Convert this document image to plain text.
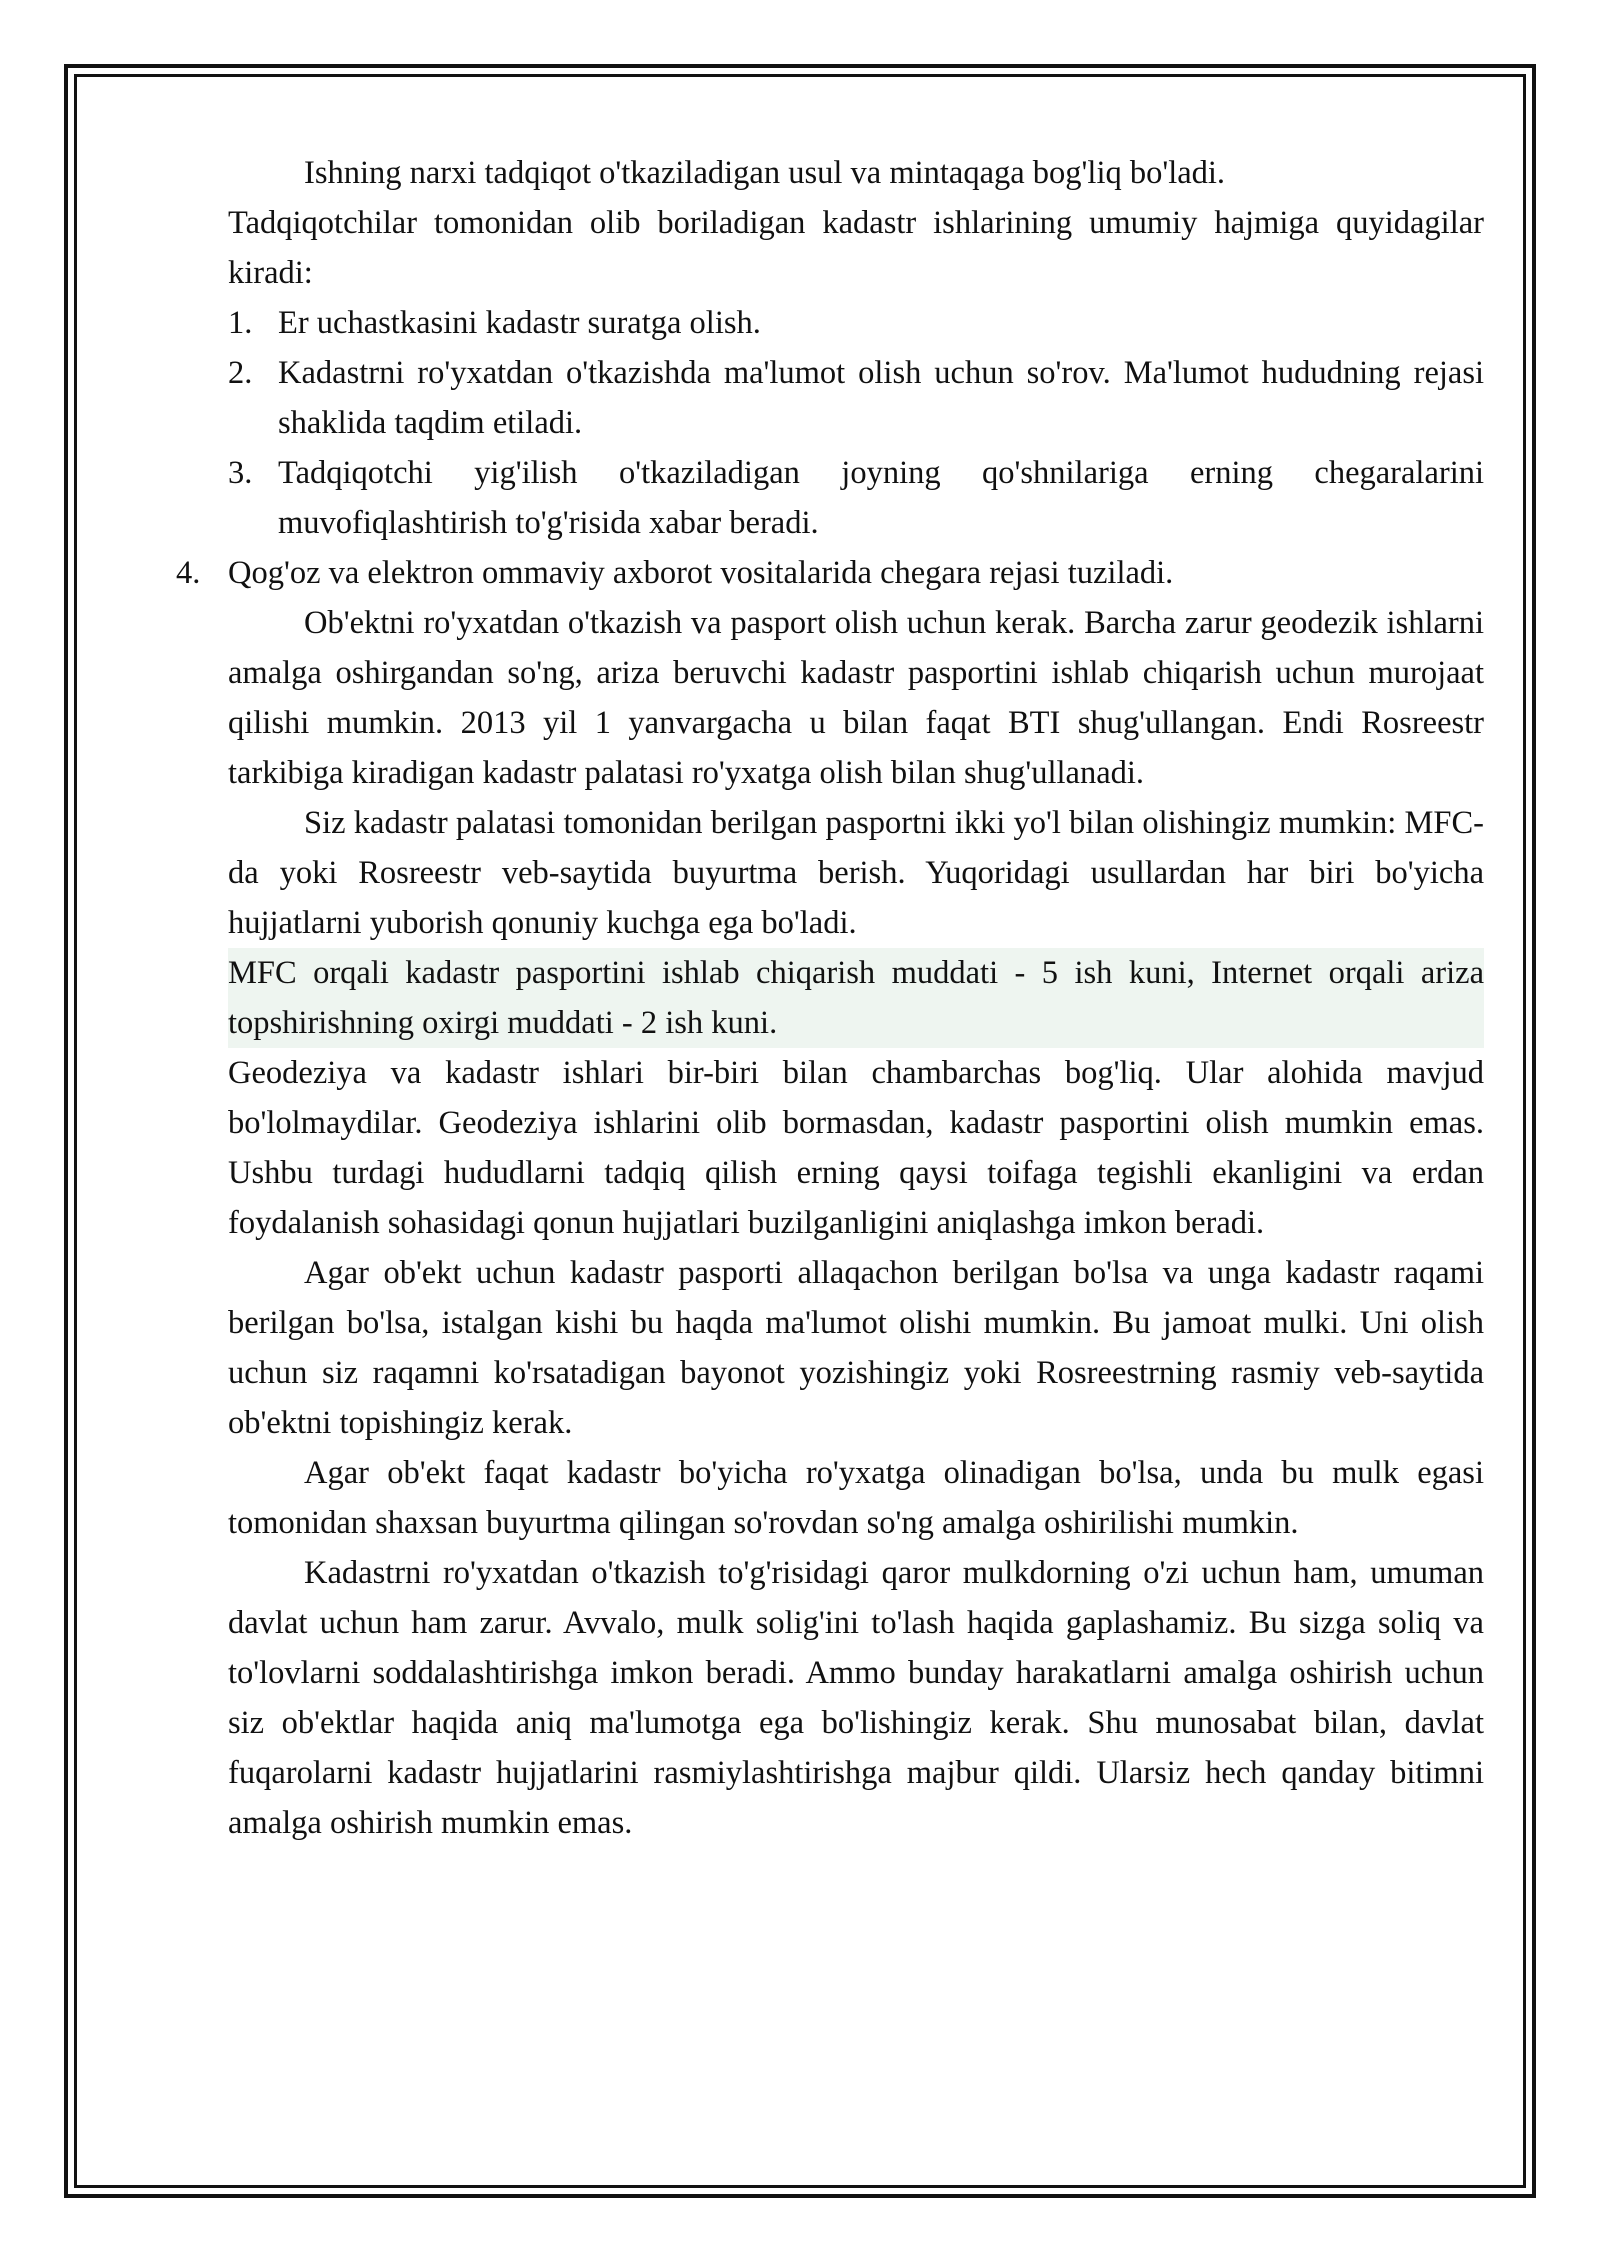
Ishning narxi tadqiqot o'tkaziladigan usul va mintaqaga bog'liq bo'ladi.

Tadqiqotchilar tomonidan olib boriladigan kadastr ishlarining umumiy hajmiga quyidagilar kiradi:

1. Er uchastkasini kadastr suratga olish.
2. Kadastrni ro'yxatdan o'tkazishda ma'lumot olish uchun so'rov. Ma'lumot hududning rejasi shaklida taqdim etiladi.
3. Tadqiqotchi yig'ilish o'tkaziladigan joyning qo'shnilariga erning chegaralarini muvofiqlashtirish to'g'risida xabar beradi.
4. Qog'oz va elektron ommaviy axborot vositalarida chegara rejasi tuziladi.

Ob'ektni ro'yxatdan o'tkazish va pasport olish uchun kerak. Barcha zarur geodezik ishlarni amalga oshirgandan so'ng, ariza beruvchi kadastr pasportini ishlab chiqarish uchun murojaat qilishi mumkin. 2013 yil 1 yanvargacha u bilan faqat BTI shug'ullangan. Endi Rosreestr tarkibiga kiradigan kadastr palatasi ro'yxatga olish bilan shug'ullanadi.

Siz kadastr palatasi tomonidan berilgan pasportni ikki yo'l bilan olishingiz mumkin: MFC-da yoki Rosreestr veb-saytida buyurtma berish. Yuqoridagi usullardan har biri bo'yicha hujjatlarni yuborish qonuniy kuchga ega bo'ladi.

MFC orqali kadastr pasportini ishlab chiqarish muddati - 5 ish kuni, Internet orqali ariza topshirishning oxirgi muddati - 2 ish kuni.

Geodeziya va kadastr ishlari bir-biri bilan chambarchas bog'liq. Ular alohida mavjud bo'lolmaydilar. Geodeziya ishlarini olib bormasdan, kadastr pasportini olish mumkin emas. Ushbu turdagi hududlarni tadqiq qilish erning qaysi toifaga tegishli ekanligini va erdan foydalanish sohasidagi qonun hujjatlari buzilganligini aniqlashga imkon beradi.

Agar ob'ekt uchun kadastr pasporti allaqachon berilgan bo'lsa va unga kadastr raqami berilgan bo'lsa, istalgan kishi bu haqda ma'lumot olishi mumkin. Bu jamoat mulki. Uni olish uchun siz raqamni ko'rsatadigan bayonot yozishingiz yoki Rosreestrning rasmiy veb-saytida ob'ektni topishingiz kerak.

Agar ob'ekt faqat kadastr bo'yicha ro'yxatga olinadigan bo'lsa, unda bu mulk egasi tomonidan shaxsan buyurtma qilingan so'rovdan so'ng amalga oshirilishi mumkin.

Kadastrni ro'yxatdan o'tkazish to'g'risidagi qaror mulkdorning o'zi uchun ham, umuman davlat uchun ham zarur. Avvalo, mulk solig'ini to'lash haqida gaplashamiz. Bu sizga soliq va to'lovlarni soddalashtirishga imkon beradi. Ammo bunday harakatlarni amalga oshirish uchun siz ob'ektlar haqida aniq ma'lumotga ega bo'lishingiz kerak. Shu munosabat bilan, davlat fuqarolarni kadastr hujjatlarini rasmiylashtirishga majbur qildi. Ularsiz hech qanday bitimni amalga oshirish mumkin emas.
